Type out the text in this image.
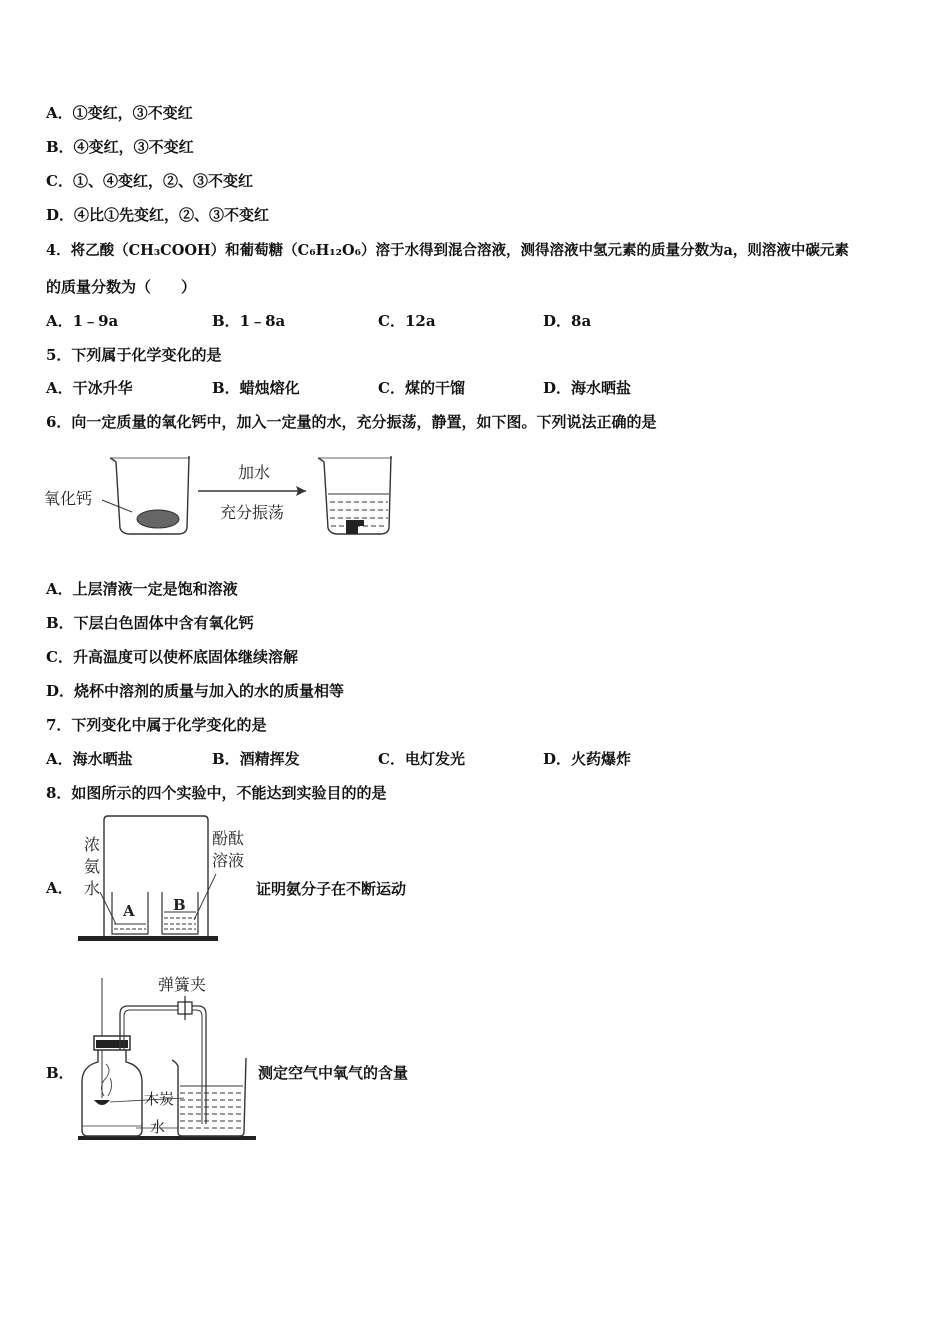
A．①变红，③不变红
B．④变红，③不变红
C．①、④变红，②、③不变红
D．④比①先变红，②、③不变红
4．将乙酸（CH₃COOH）和葡萄糖（C₆H₁₂O₆）溶于水得到混合溶液，测得溶液中氢元素的质量分数为a，则溶液中碳元素
的质量分数为（　　）
A．1﹣9a	B．1﹣8a	C．12a	D．8a
5．下列属于化学变化的是
A．干冰升华	B．蜡烛熔化	C．煤的干馏	D．海水晒盐
6．向一定质量的氧化钙中，加入一定量的水，充分振荡，静置，如下图。下列说法正确的是
氧化钙
加水
充分振荡
A．上层清液一定是饱和溶液
B．下层白色固体中含有氧化钙
C．升高温度可以使杯底固体继续溶解
D．烧杯中溶剂的质量与加入的水的质量相等
7．下列变化中属于化学变化的是
A．海水晒盐	B．酒精挥发	C．电灯发光	D．火药爆炸
8．如图所示的四个实验中，不能达到实验目的的是
A．
A	B
浓
氨
水
酚酞
溶液
证明氨分子在不断运动
B．
弹簧夹
木炭
水
测定空气中氧气的含量
